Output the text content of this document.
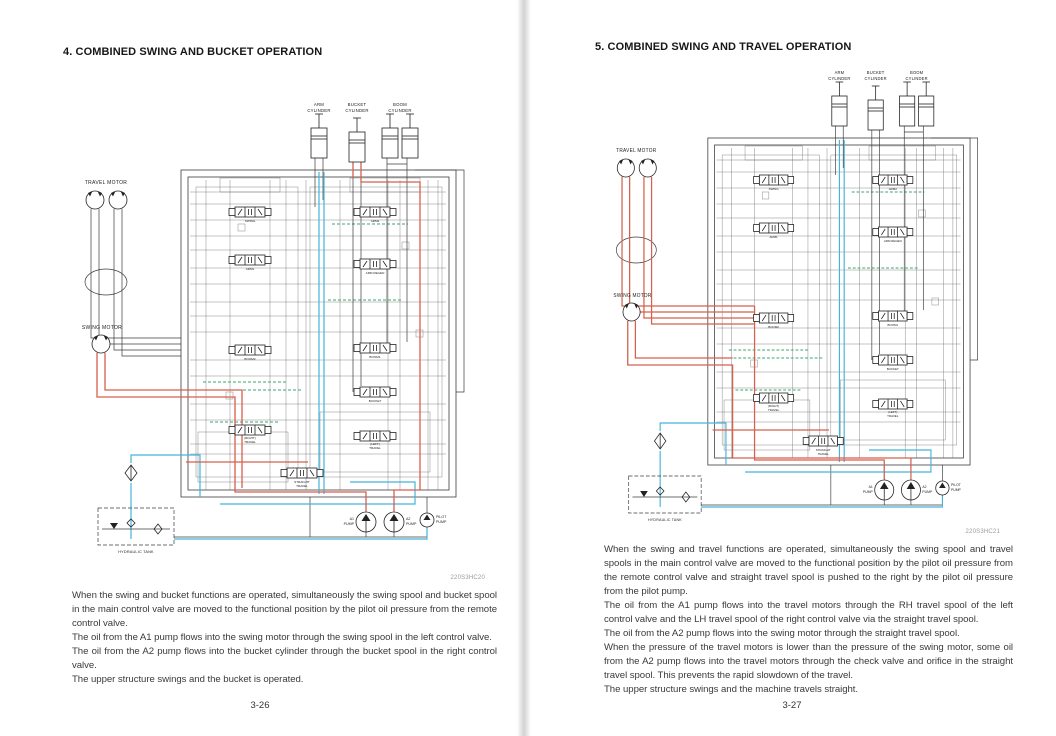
4. COMBINED SWING AND BUCKET OPERATION
SWING
ARM1
BOOM2
(RIGHT)
TRAVEL
ARM2
ARM REGEN
BOOM1
BUCKET
(LEFT)
TRAVEL
STRAIGHT
TRAVEL
TRAVEL MOTOR
SWING MOTOR
ARM
CYLINDER
BUCKET
CYLINDER
BOOM
CYLINDER
HYDRAULIC TANK
A1
PUMP
A2
PUMP
PILOT
PUMP
220S3HC20

When the swing and bucket functions are operated, simultaneously the swing spool and bucket spool in the main control valve are moved to the functional position by the pilot oil pressure from the remote control valve.

The oil from the A1 pump flows into the swing motor through the swing spool in the left control valve.

The oil from the A2 pump flows into the bucket cylinder through the bucket spool in the right control valve.

The upper structure swings and the bucket is operated.

3-26
5. COMBINED SWING AND TRAVEL OPERATION
SWING
ARM1
BOOM2
(RIGHT)
TRAVEL
ARM2
ARM REGEN
BOOM1
BUCKET
(LEFT)
TRAVEL
STRAIGHT
TRAVEL
TRAVEL MOTOR
SWING MOTOR
ARM
CYLINDER
BUCKET
CYLINDER
BOOM
CYLINDER
HYDRAULIC TANK
A1
PUMP
A2
PUMP
PILOT
PUMP
220S3HC21

When the swing and travel functions are operated, simultaneously the swing spool and travel spools in the main control valve are moved to the functional position by the pilot oil pressure from the remote control valve and straight travel spool is pushed to the right by the pilot oil pressure from the pilot pump.

The oil from the A1 pump flows into the travel motors through the RH travel spool of the left control valve and the LH travel spool of the right control valve via the straight travel spool.

The oil from the A2 pump flows into the swing motor through the straight travel spool.

When the pressure of the travel motors is lower than the pressure of the swing motor, some oil from the A2 pump flows into the travel motors through the check valve and orifice in the straight travel spool. This prevents the rapid slowdown of the travel.

The upper structure swings and the machine travels straight.

3-27
